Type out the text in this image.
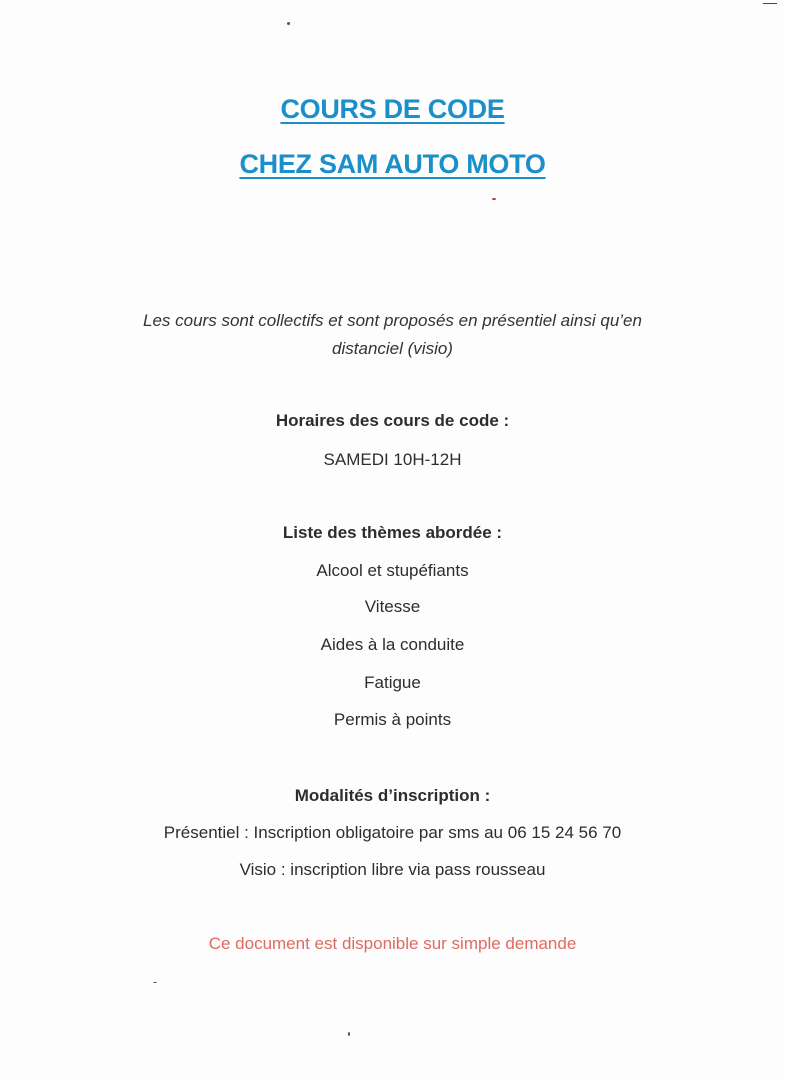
COURS DE CODE
CHEZ SAM AUTO MOTO
Les cours sont collectifs et sont proposés en présentiel ainsi qu’en
distanciel (visio)
Horaires des cours de code :
SAMEDI 10H-12H
Liste des thèmes abordée :
Alcool et stupéfiants
Vitesse
Aides à la conduite
Fatigue
Permis à points
Modalités d’inscription :
Présentiel : Inscription obligatoire par sms au 06 15 24 56 70
Visio : inscription libre via pass rousseau
Ce document est disponible sur simple demande
